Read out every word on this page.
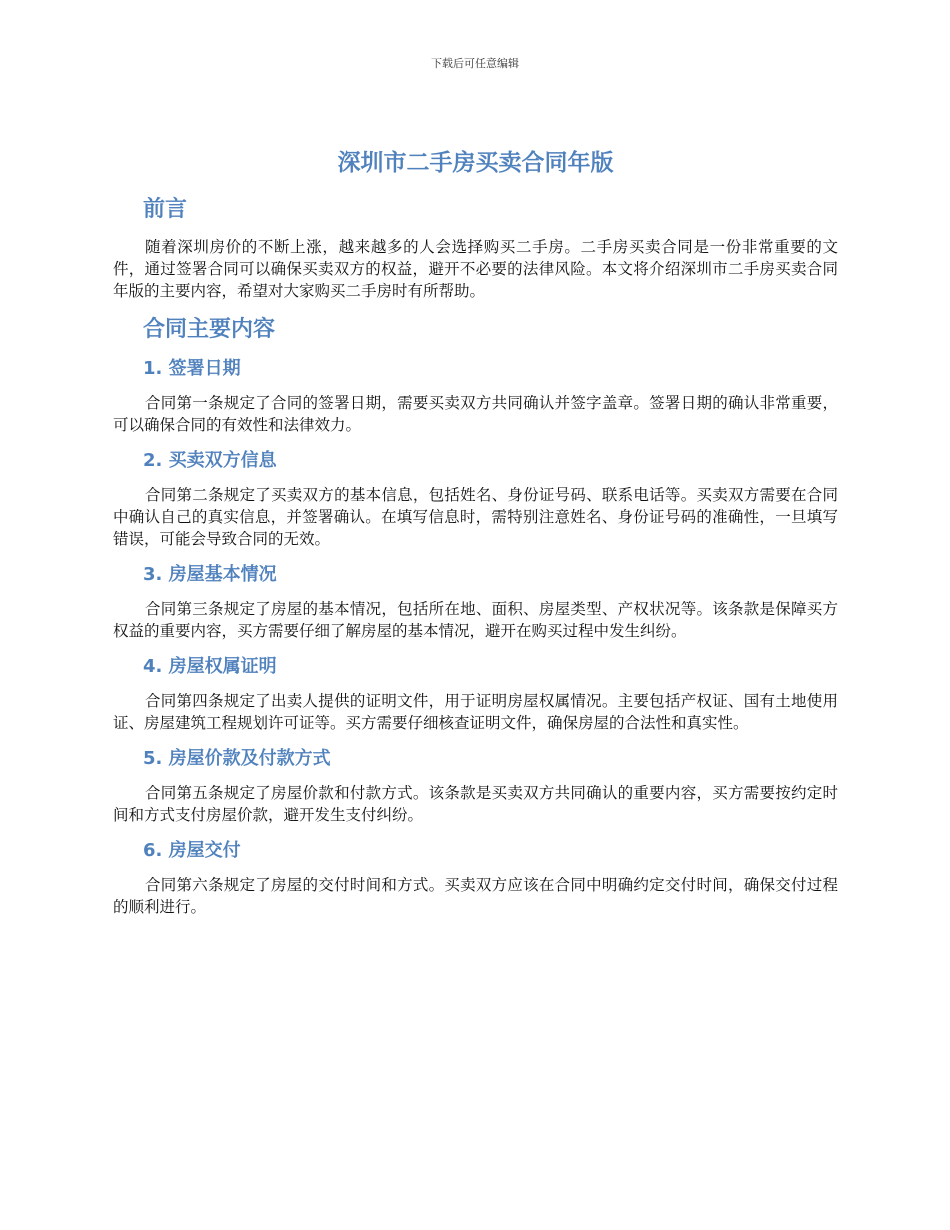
下载后可任意编辑
深圳市二手房买卖合同年版
前言

随着深圳房价的不断上涨，越来越多的人会选择购买二手房。二手房买卖合同是一份非常重要的文件，通过签署合同可以确保买卖双方的权益，避开不必要的法律风险。本文将介绍深圳市二手房买卖合同年版的主要内容，希望对大家购买二手房时有所帮助。

合同主要内容
1. 签署日期

合同第一条规定了合同的签署日期，需要买卖双方共同确认并签字盖章。签署日期的确认非常重要，可以确保合同的有效性和法律效力。

2. 买卖双方信息

合同第二条规定了买卖双方的基本信息，包括姓名、身份证号码、联系电话等。买卖双方需要在合同中确认自己的真实信息，并签署确认。在填写信息时，需特别注意姓名、身份证号码的准确性，一旦填写错误，可能会导致合同的无效。

3. 房屋基本情况

合同第三条规定了房屋的基本情况，包括所在地、面积、房屋类型、产权状况等。该条款是保障买方权益的重要内容，买方需要仔细了解房屋的基本情况，避开在购买过程中发生纠纷。

4. 房屋权属证明

合同第四条规定了出卖人提供的证明文件，用于证明房屋权属情况。主要包括产权证、国有土地使用证、房屋建筑工程规划许可证等。买方需要仔细核查证明文件，确保房屋的合法性和真实性。

5. 房屋价款及付款方式

合同第五条规定了房屋价款和付款方式。该条款是买卖双方共同确认的重要内容，买方需要按约定时间和方式支付房屋价款，避开发生支付纠纷。

6. 房屋交付

合同第六条规定了房屋的交付时间和方式。买卖双方应该在合同中明确约定交付时间，确保交付过程的顺利进行。
